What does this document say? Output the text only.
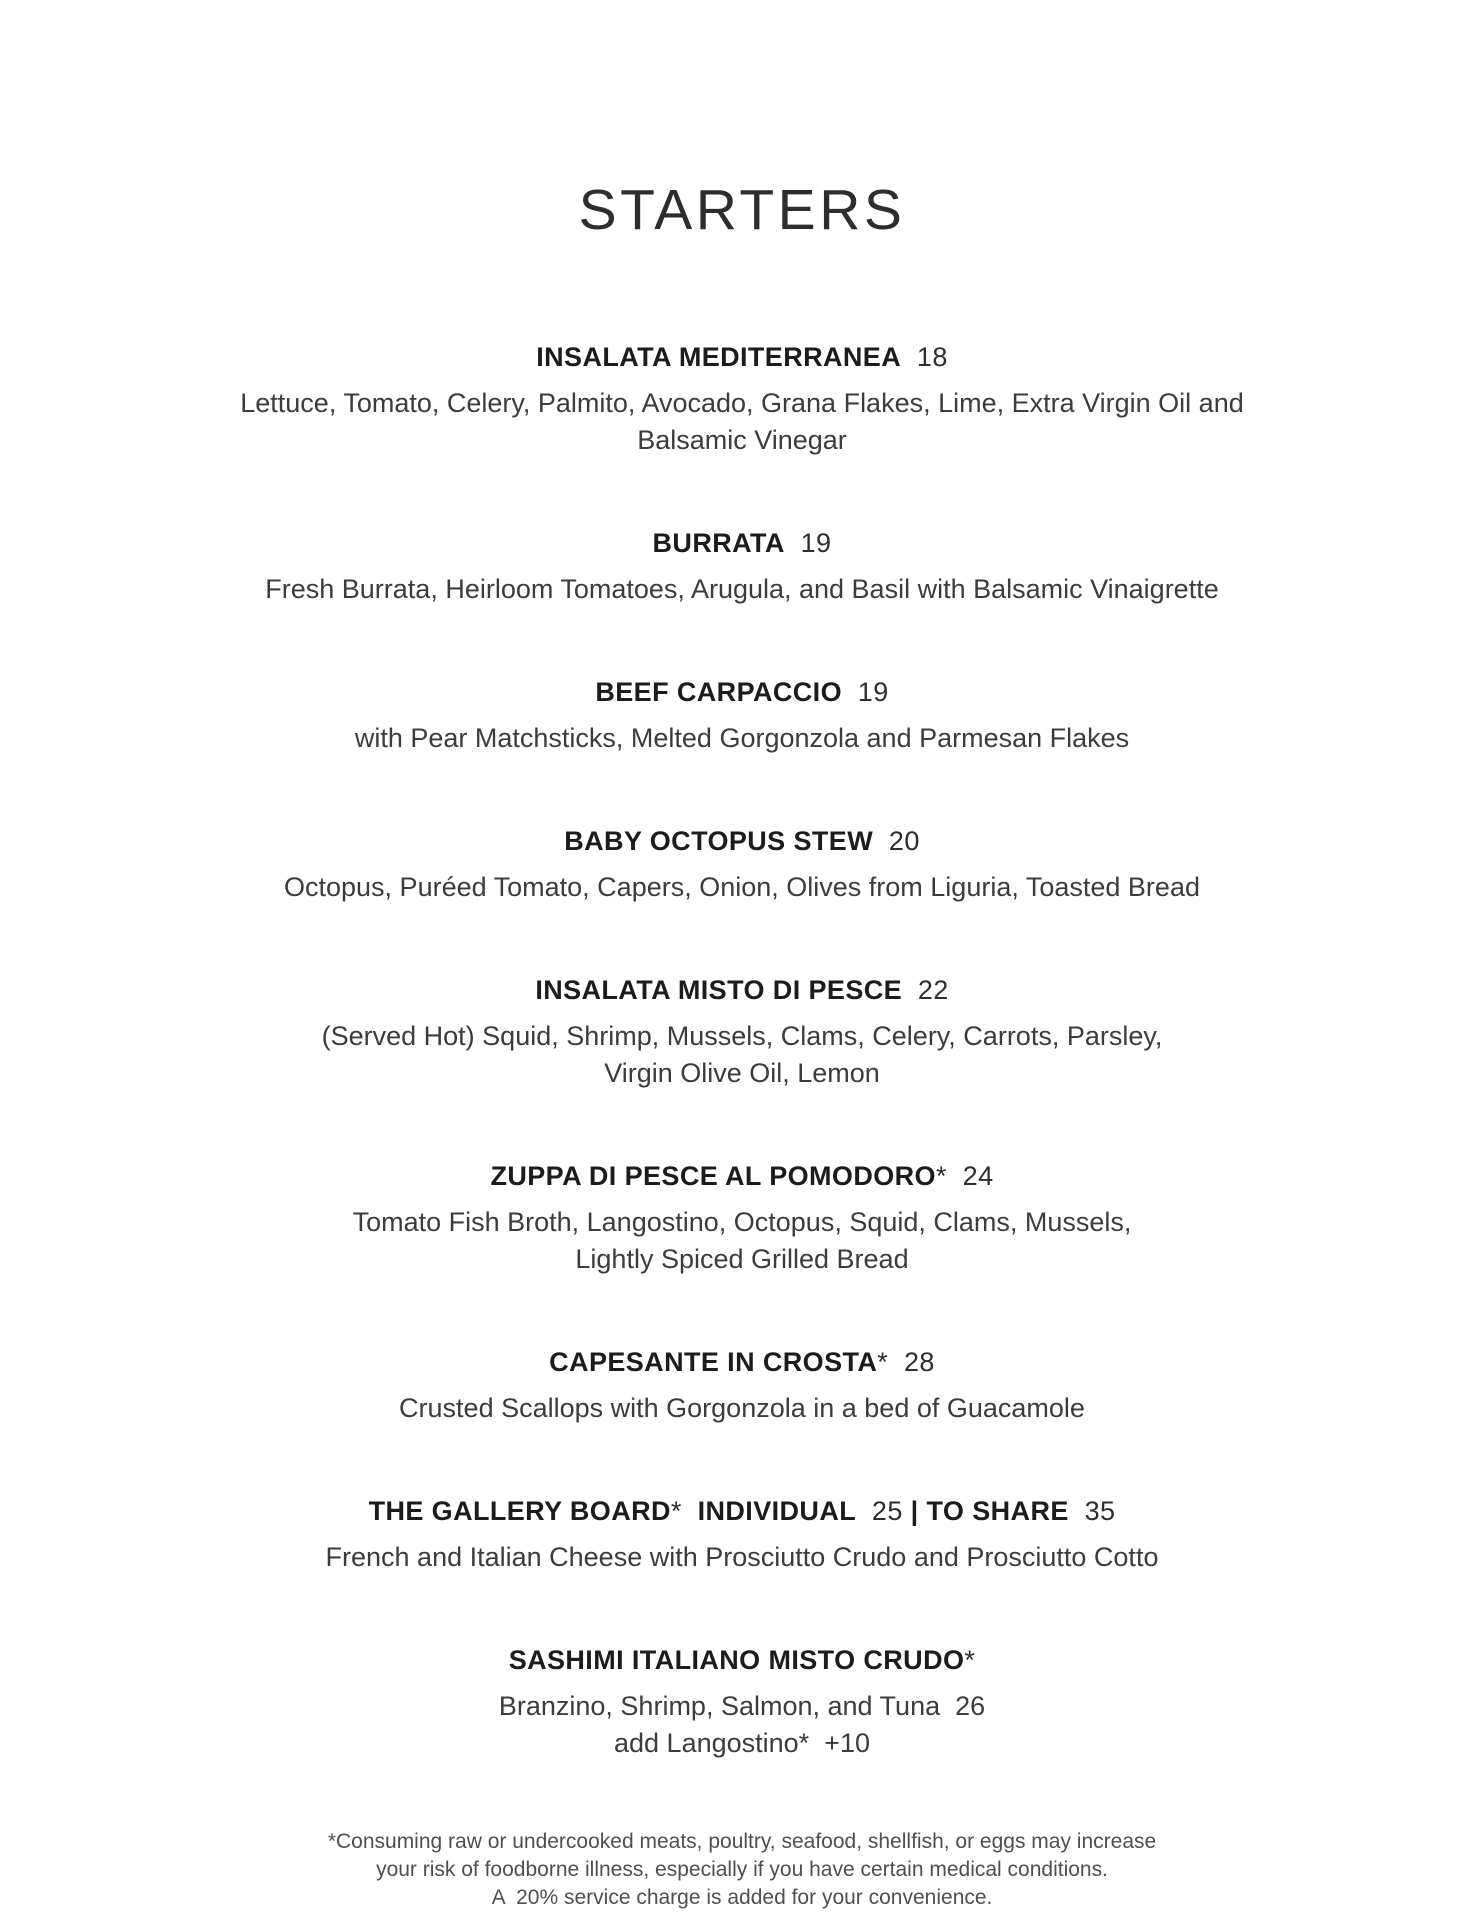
STARTERS
INSALATA MEDITERRANEA  18
Lettuce, Tomato, Celery, Palmito, Avocado, Grana Flakes, Lime, Extra Virgin Oil and
Balsamic Vinegar
BURRATA  19
Fresh Burrata, Heirloom Tomatoes, Arugula, and Basil with Balsamic Vinaigrette
BEEF CARPACCIO  19
with Pear Matchsticks, Melted Gorgonzola and Parmesan Flakes
BABY OCTOPUS STEW  20
Octopus, Puréed Tomato, Capers, Onion, Olives from Liguria, Toasted Bread
INSALATA MISTO DI PESCE  22
(Served Hot) Squid, Shrimp, Mussels, Clams, Celery, Carrots, Parsley,
Virgin Olive Oil, Lemon
ZUPPA DI PESCE AL POMODORO*  24
Tomato Fish Broth, Langostino, Octopus, Squid, Clams, Mussels,
Lightly Spiced Grilled Bread
CAPESANTE IN CROSTA*  28
Crusted Scallops with Gorgonzola in a bed of Guacamole
THE GALLERY BOARD*  INDIVIDUAL  25 | TO SHARE  35
French and Italian Cheese with Prosciutto Crudo and Prosciutto Cotto
SASHIMI ITALIANO MISTO CRUDO*
Branzino, Shrimp, Salmon, and Tuna  26
add Langostino*  +10
*Consuming raw or undercooked meats, poultry, seafood, shellfish, or eggs may increase
your risk of foodborne illness, especially if you have certain medical conditions.
A  20% service charge is added for your convenience.
